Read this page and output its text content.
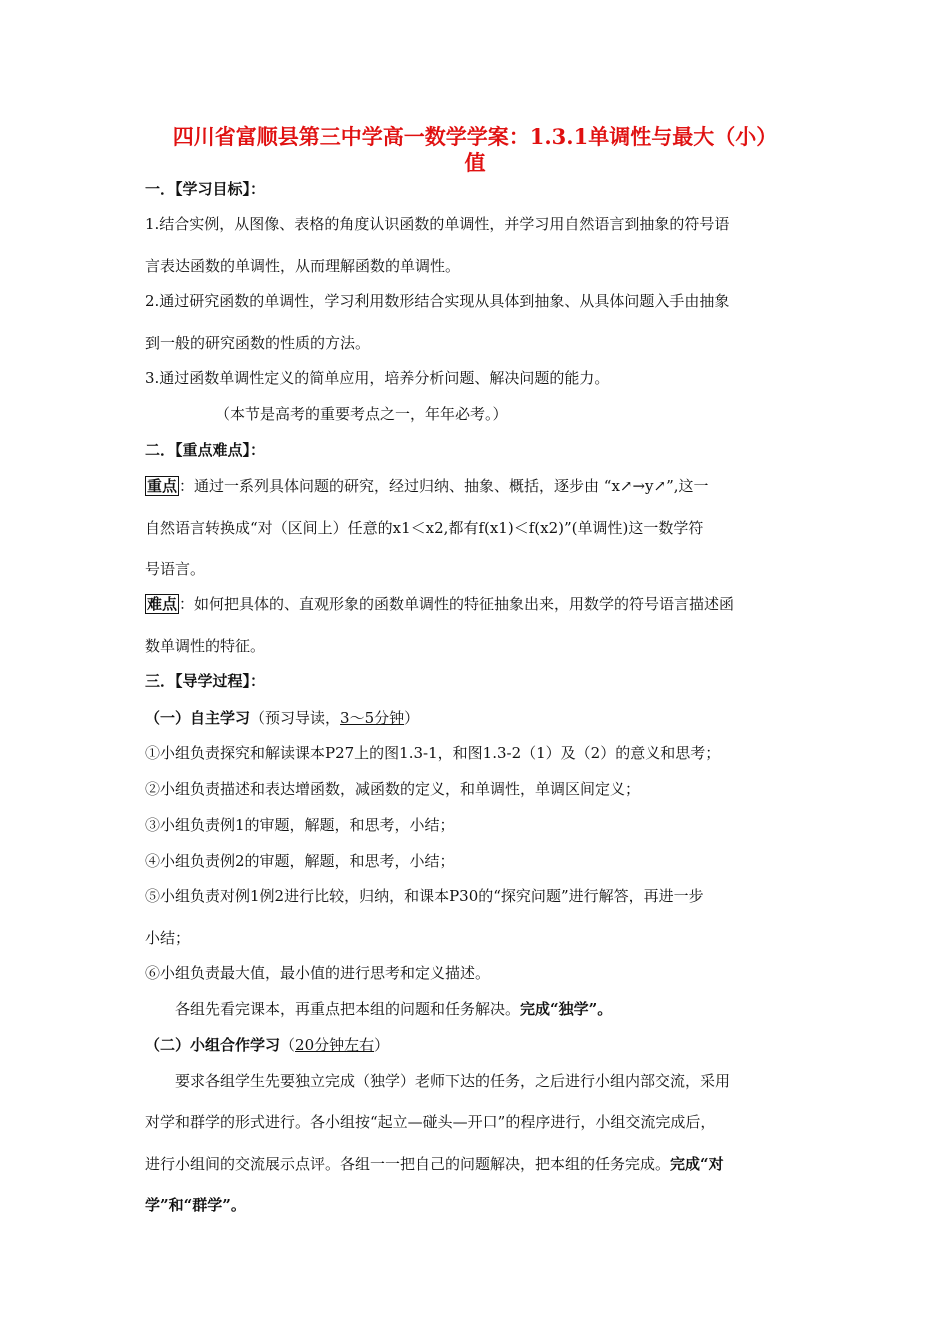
四川省富顺县第三中学高一数学学案：1.3.1单调性与最大（小）
值
一．【学习目标】：
1.结合实例，从图像、表格的角度认识函数的单调性，并学习用自然语言到抽象的符号语
言表达函数的单调性，从而理解函数的单调性。
2.通过研究函数的单调性，学习利用数形结合实现从具体到抽象、从具体问题入手由抽象
到一般的研究函数的性质的方法。
3.通过函数单调性定义的简单应用，培养分析问题、解决问题的能力。
（本节是高考的重要考点之一，年年必考。）
二．【重点难点】：
重点 ：通过一系列具体问题的研究，经过归纳、抽象、概括，逐步由 “x↗→y↗”,这一
自然语言转换成“对（区间上）任意的x1＜x2,都有f(x1)＜f(x2)”(单调性)这一数学符
号语言。
难点 ：如何把具体的、直观形象的函数单调性的特征抽象出来，用数学的符号语言描述函
数单调性的特征。
三．【导学过程】：
（一）自主学习（预习导读，3～5分钟）
①小组负责探究和解读课本P27上的图1.3-1，和图1.3-2（1）及（2）的意义和思考；
②小组负责描述和表达增函数，减函数的定义，和单调性，单调区间定义；
③小组负责例1的审题，解题，和思考，小结；
④小组负责例2的审题，解题，和思考，小结；
⑤小组负责对例1例2进行比较，归纳，和课本P30的“探究问题”进行解答，再进一步
小结；
⑥小组负责最大值，最小值的进行思考和定义描述。
各组先看完课本，再重点把本组的问题和任务解决。完成“独学”。
（二）小组合作学习（20分钟左右）
要求各组学生先要独立完成（独学）老师下达的任务，之后进行小组内部交流，采用
对学和群学的形式进行。各小组按“起立—碰头—开口”的程序进行，小组交流完成后，
进行小组间的交流展示点评。各组一一把自己的问题解决，把本组的任务完成。完成“对
学”和“群学”。
